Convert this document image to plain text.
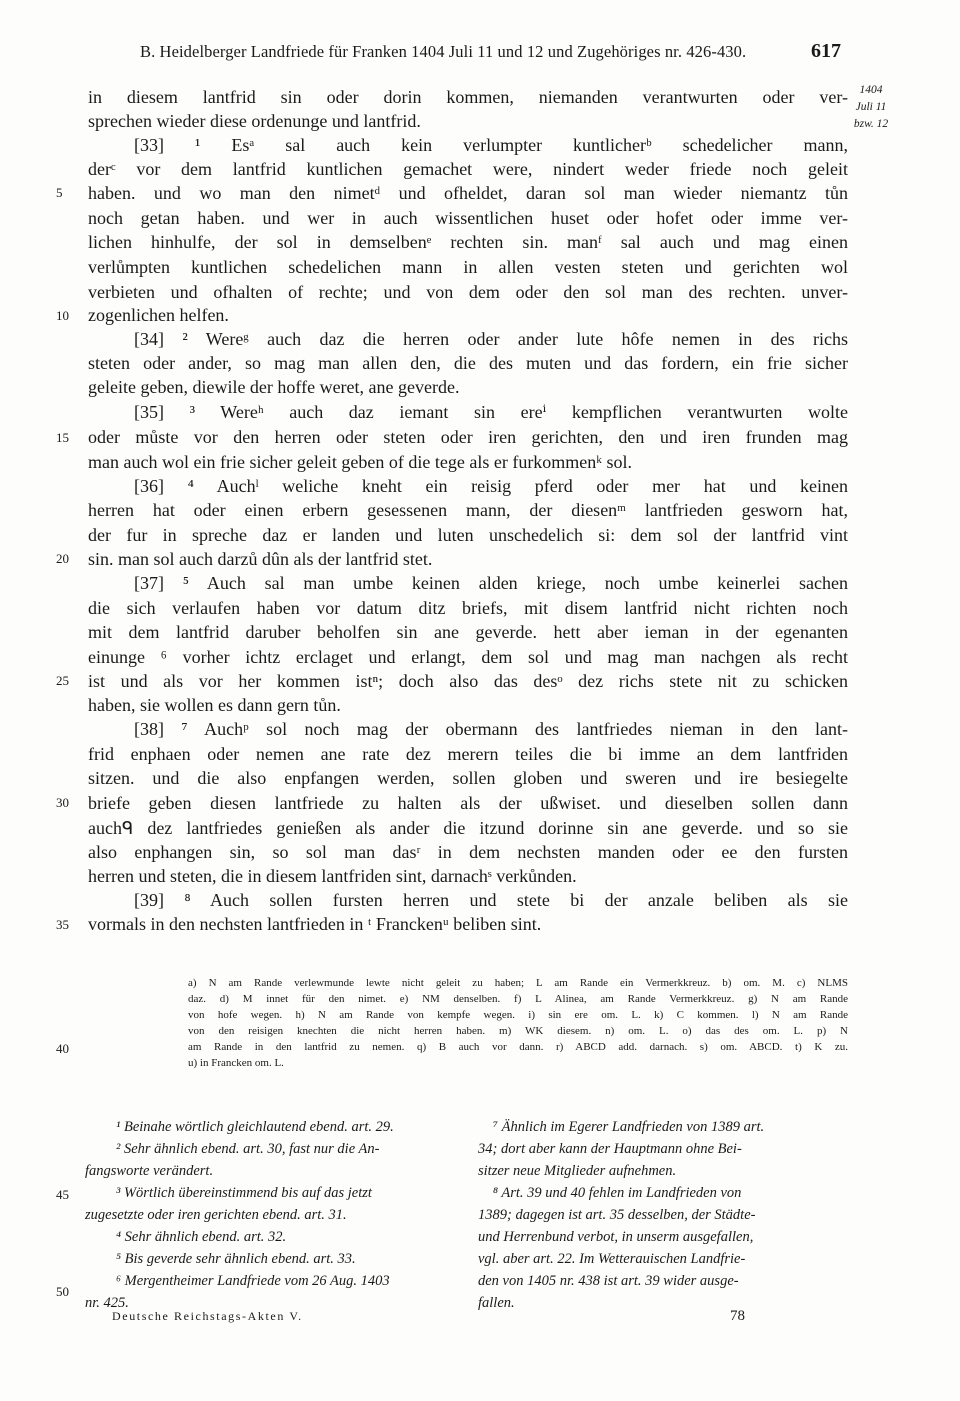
B. Heidelberger Landfriede für Franken 1404 Juli 11 und 12 und Zugehöriges nr. 426-430.	617
1404
Juli 11
bzw. 12
in diesem lantfrid sin oder dorin kommen, niemanden verantwurten oder ver-
sprechen wieder diese ordenunge und lantfrid.
[33] ¹ Esᵃ sal auch kein verlumpter kuntlicherᵇ schedelicher mann,
derᶜ vor dem lantfrid kuntlichen gemachet were, nindert weder friede noch geleit
haben. und wo man den nimetᵈ und ofheldet, daran sol man wieder niemantz tůn
noch getan haben. und wer in auch wissentlichen huset oder hofet oder imme ver-
lichen hinhulfe, der sol in demselbenᵉ rechten sin. manᶠ sal auch und mag einen
verlůmpten kuntlichen schedelichen mann in allen vesten steten und gerichten wol
verbieten und ofhalten of rechte; und von dem oder den sol man des rechten. unver-
zogenlichen helfen.
[34] ² Wereᵍ auch daz die herren oder ander lute hôfe nemen in des richs
steten oder ander, so mag man allen den, die des muten und das fordern, ein frie sicher
geleite geben, diewile der hoffe weret, ane geverde.
[35] ³ Wereʰ auch daz iemant sin ereⁱ kempflichen verantwurten wolte
oder můste vor den herren oder steten oder iren gerichten, den und iren frunden mag
man auch wol ein frie sicher geleit geben of die tege als er furkommenᵏ sol.
[36] ⁴ Auchˡ weliche kneht ein reisig pferd oder mer hat und keinen
herren hat oder einen erbern gesessenen mann, der diesenᵐ lantfrieden gesworn hat,
der fur in spreche daz er landen und luten unschedelich si: dem sol der lantfrid vint
sin. man sol auch darzů dûn als der lantfrid stet.
[37] ⁵ Auch sal man umbe keinen alden kriege, noch umbe keinerlei sachen
die sich verlaufen haben vor datum ditz briefs, mit disem lantfrid nicht richten noch
mit dem lantfrid daruber beholfen sin ane geverde. hett aber ieman in der egenanten
einunge ⁶ vorher ichtz erclaget und erlangt, dem sol und mag man nachgen als recht
ist und als vor her kommen istⁿ; doch also das desᵒ dez richs stete nit zu schicken
haben, sie wollen es dann gern tůn.
[38] ⁷ Auchᵖ sol noch mag der obermann des lantfriedes nieman in den lant-
frid enphaen oder nemen ane rate dez merern teiles die bi imme an dem lantfriden
sitzen. und die also enpfangen werden, sollen globen und sweren und ire besiegelte
briefe geben diesen lantfriede zu halten als der ußwiset. und dieselben sollen dann
auchᑫ dez lantfriedes genießen als ander die itzund dorinne sin ane geverde. und so sie
also enphangen sin, so sol man dasʳ in dem nechsten manden oder ee den fursten
herren und steten, die in diesem lantfriden sint, darnachˢ verkůnden.
[39] ⁸ Auch sollen fursten herren und stete bi der anzale beliben als sie
vormals in den nechsten lantfrieden in ᵗ Franckenᵘ beliben sint.
5
10
15
20
25
30
35
40
45
50
a) N am Rande verlewmunde lewte nicht geleit zu haben; L am Rande ein Vermerkkreuz. b) om. M. c) NLMS
daz. d) M innet für den nimet. e) NM denselben. f) L Alinea, am Rande Vermerkkreuz. g) N am Rande
von hofe wegen. h) N am Rande von kempfe wegen. i) sin ere om. L. k) C kommen. l) N am Rande
von den reisigen knechten die nicht herren haben. m) WK diesem. n) om. L. o) das des om. L. p) N
am Rande in den lantfrid zu nemen. q) B auch vor dann. r) ABCD add. darnach. s) om. ABCD. t) K zu.
u) in Francken om. L.
¹ Beinahe wörtlich gleichlautend ebend. art. 29.
² Sehr ähnlich ebend. art. 30, fast nur die An-
fangsworte verändert.
³ Wörtlich übereinstimmend bis auf das jetzt
zugesetzte oder iren gerichten ebend. art. 31.
⁴ Sehr ähnlich ebend. art. 32.
⁵ Bis geverde sehr ähnlich ebend. art. 33.
⁶ Mergentheimer Landfriede vom 26 Aug. 1403
nr. 425.
⁷ Ähnlich im Egerer Landfrieden von 1389 art.
34; dort aber kann der Hauptmann ohne Bei-
sitzer neue Mitglieder aufnehmen.
⁸ Art. 39 und 40 fehlen im Landfrieden von
1389; dagegen ist art. 35 desselben, der Städte-
und Herrenbund verbot, in unserm ausgefallen,
vgl. aber art. 22. Im Wetterauischen Landfrie-
den von 1405 nr. 438 ist art. 39 wider ausge-
fallen.
Deutsche Reichstags-Akten V.	78
